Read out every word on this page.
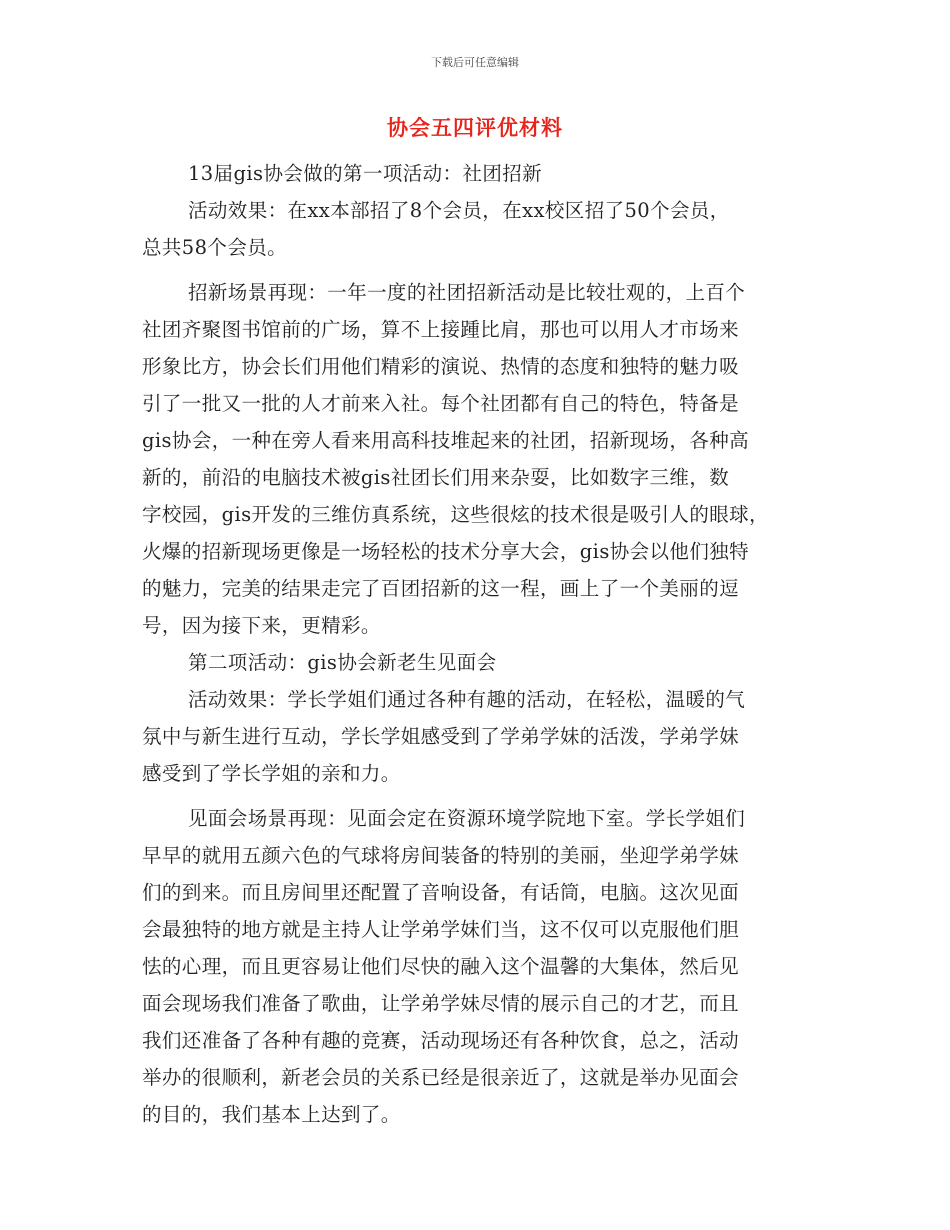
下载后可任意编辑
协会五四评优材料
13届gis协会做的第一项活动：社团招新
活动效果：在xx本部招了8个会员，在xx校区招了50个会员，
总共58个会员。
招新场景再现：一年一度的社团招新活动是比较壮观的，上百个
社团齐聚图书馆前的广场，算不上接踵比肩，那也可以用人才市场来
形象比方，协会长们用他们精彩的演说、热情的态度和独特的魅力吸
引了一批又一批的人才前来入社。每个社团都有自己的特色，特备是
gis协会，一种在旁人看来用高科技堆起来的社团，招新现场，各种高
新的，前沿的电脑技术被gis社团长们用来杂耍，比如数字三维，数
字校园，gis开发的三维仿真系统，这些很炫的技术很是吸引人的眼球，
火爆的招新现场更像是一场轻松的技术分享大会，gis协会以他们独特
的魅力，完美的结果走完了百团招新的这一程，画上了一个美丽的逗
号，因为接下来，更精彩。
第二项活动：gis协会新老生见面会
活动效果：学长学姐们通过各种有趣的活动，在轻松，温暖的气
氛中与新生进行互动，学长学姐感受到了学弟学妹的活泼，学弟学妹
感受到了学长学姐的亲和力。
见面会场景再现：见面会定在资源环境学院地下室。学长学姐们
早早的就用五颜六色的气球将房间装备的特别的美丽，坐迎学弟学妹
们的到来。而且房间里还配置了音响设备，有话筒，电脑。这次见面
会最独特的地方就是主持人让学弟学妹们当，这不仅可以克服他们胆
怯的心理，而且更容易让他们尽快的融入这个温馨的大集体，然后见
面会现场我们准备了歌曲，让学弟学妹尽情的展示自己的才艺，而且
我们还准备了各种有趣的竞赛，活动现场还有各种饮食，总之，活动
举办的很顺利，新老会员的关系已经是很亲近了，这就是举办见面会
的目的，我们基本上达到了。
